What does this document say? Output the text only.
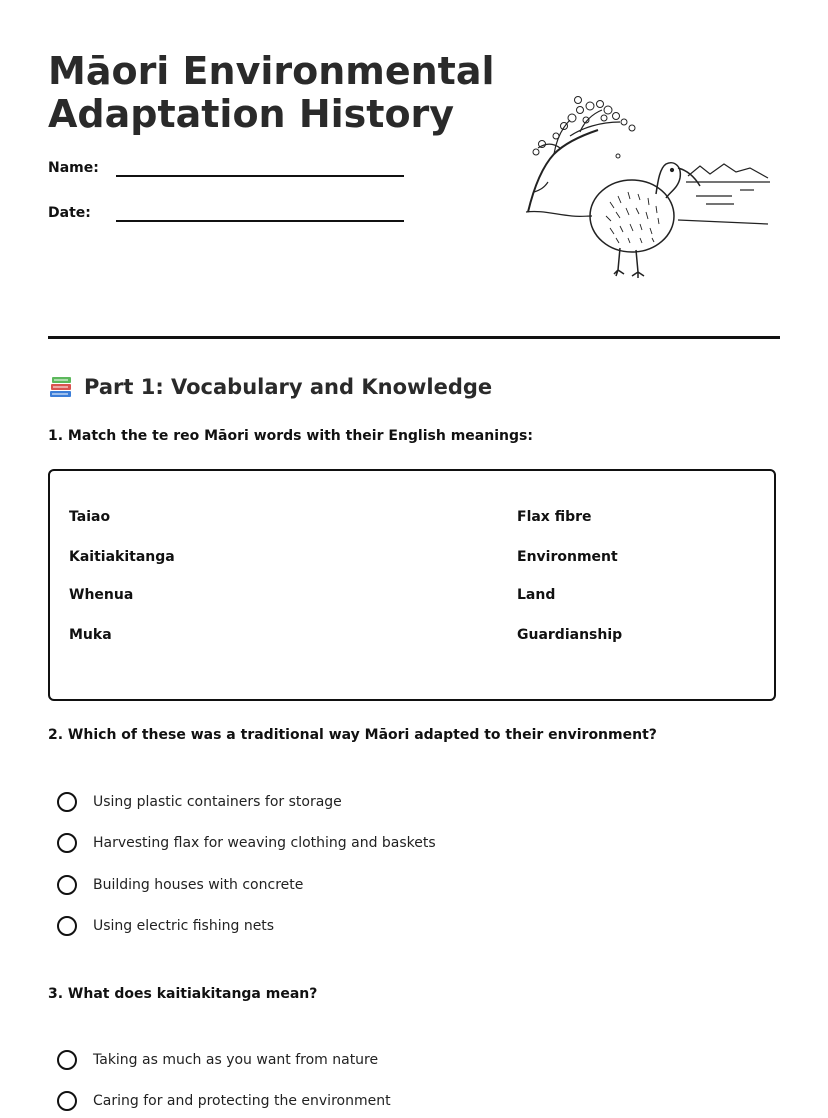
Māori Environmental Adaptation History
Name:
Date:
Part 1: Vocabulary and Knowledge

1. Match the te reo Māori words with their English meanings:

Taiao
Kaitiakitanga
Whenua
Muka
Flax fibre
Environment
Land
Guardianship

2. Which of these was a traditional way Māori adapted to their environment?

Using plastic containers for storage
Harvesting flax for weaving clothing and baskets
Building houses with concrete
Using electric fishing nets

3. What does kaitiakitanga mean?

Taking as much as you want from nature
Caring for and protecting the environment
